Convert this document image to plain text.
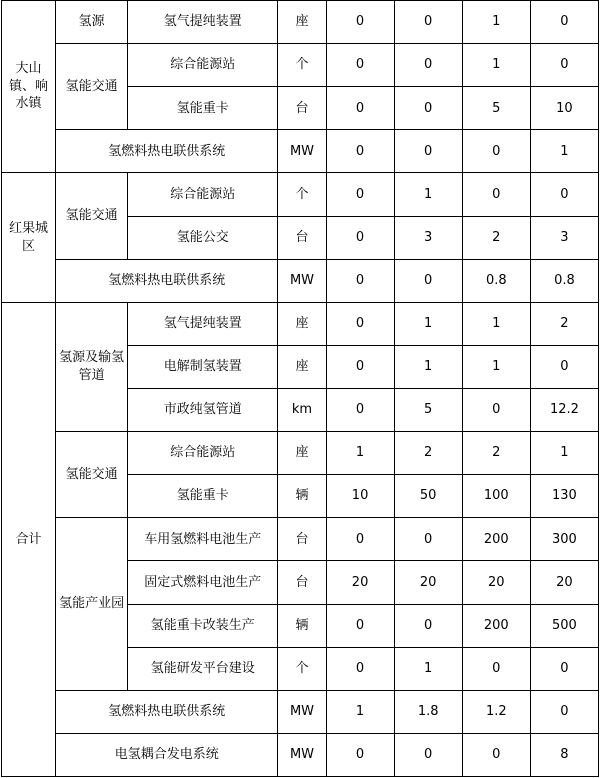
大山镇、响水镇	氢源	氢气提纯装置	座	0	0	1	0
	氢能交通	综合能源站	个	0	0	1	0
		氢能重卡	台	0	0	5	10
	氢燃料热电联供系统		MW	0	0	0	1
红果城区	氢能交通	综合能源站	个	0	1	0	0
		氢能公交	台	0	3	2	3
	氢燃料热电联供系统		MW	0	0	0.8	0.8
合计	氢源及输氢管道	氢气提纯装置	座	0	1	1	2
		电解制氢装置	座	0	1	1	0
		市政纯氢管道	km	0	5	0	12.2
	氢能交通	综合能源站	座	1	2	2	1
		氢能重卡	辆	10	50	100	130
	氢能产业园	车用氢燃料电池生产	台	0	0	200	300
		固定式燃料电池生产	台	20	20	20	20
		氢能重卡改装生产	辆	0	0	200	500
		氢能研发平台建设	个	0	1	0	0
	氢燃料热电联供系统		MW	1	1.8	1.2	0
	电氢耦合发电系统		MW	0	0	0	8
